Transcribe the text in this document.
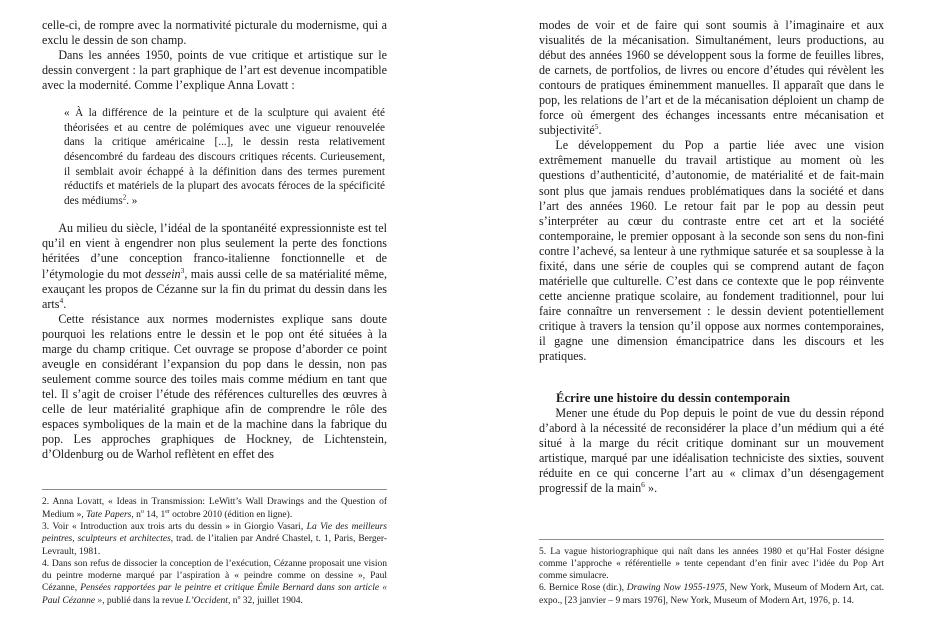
celle-ci, de rompre avec la normativité picturale du modernisme, qui a exclu le dessin de son champ.

Dans les années 1950, points de vue critique et artistique sur le dessin convergent : la part graphique de l’art est devenue incompatible avec la modernité. Comme l’explique Anna Lovatt :

« À la différence de la peinture et de la sculpture qui avaient été théorisées et au centre de polémiques avec une vigueur renouvelée dans la critique américaine [...], le dessin resta relativement désencombré du fardeau des discours critiques récents. Curieusement, il semblait avoir échappé à la définition dans des termes purement réductifs et matériels de la plupart des avocats féroces de la spécificité des médiums$^2$. »

Au milieu du siècle, l’idéal de la spontanéité expressionniste est tel qu’il en vient à engendrer non plus seulement la perte des fonctions héritées d’une conception franco-italienne fonctionnelle et de l’étymologie du mot dessein$^3$, mais aussi celle de sa matérialité même, exauçant les propos de Cézanne sur la fin du primat du dessin dans les arts$^4$.

Cette résistance aux normes modernistes explique sans doute pourquoi les relations entre le dessin et le pop ont été situées à la marge du champ critique. Cet ouvrage se propose d’aborder ce point aveugle en considérant l’expansion du pop dans le dessin, non pas seulement comme source des toiles mais comme médium en tant que tel. Il s’agit de croiser l’étude des références culturelles des œuvres à celle de leur matérialité graphique afin de comprendre le rôle des espaces symboliques de la main et de la machine dans la fabrique du pop. Les approches graphiques de Hockney, de Lichtenstein, d’Oldenburg ou de Warhol reflètent en effet des

2. Anna Lovatt, « Ideas in Transmission: LeWitt’s Wall Drawings and the Question of Medium », Tate Papers, $n^o$ 14, 1er octobre 2010 (édition en ligne).

3. Voir « Introduction aux trois arts du dessin » in Giorgio Vasari, La Vie des meilleurs peintres, sculpteurs et architectes, trad. de l’italien par André Chastel, t. 1, Paris, Berger-Levrault, 1981.

4. Dans son refus de dissocier la conception de l’exécution, Cézanne proposait une vision du peintre moderne marqué par l’aspiration à « peindre comme on dessine », Paul Cézanne, Pensées rapportées par le peintre et critique Émile Bernard dans son article « Paul Cézanne », publié dans la revue L’Occident, $n^o$ 32, juillet 1904.

modes de voir et de faire qui sont soumis à l’imaginaire et aux visualités de la mécanisation. Simultanément, leurs productions, au début des années 1960 se développent sous la forme de feuilles libres, de carnets, de portfolios, de livres ou encore d’études qui révèlent les contours de pratiques éminemment manuelles. Il apparaît que dans le pop, les relations de l’art et de la mécanisation déploient un champ de force où émergent des échanges incessants entre mécanisation et subjectivité$^5$.

Le développement du Pop a partie liée avec une vision extrêmement manuelle du travail artistique au moment où les questions d’authenticité, d’autonomie, de matérialité et de fait-main sont plus que jamais rendues problématiques dans la société et dans l’art des années 1960. Le retour fait par le pop au dessin peut s’interpréter au cœur du contraste entre cet art et la société contemporaine, le premier opposant à la seconde son sens du non-fini contre l’achevé, sa lenteur à une rythmique saturée et sa souplesse à la fixité, dans une série de couples qui se comprend autant de façon matérielle que culturelle. C’est dans ce contexte que le pop réinvente cette ancienne pratique scolaire, au fondement traditionnel, pour lui faire connaître un renversement : le dessin devient potentiellement critique à travers la tension qu’il oppose aux normes contemporaines, il gagne une dimension émancipatrice dans les discours et les pratiques.

Écrire une histoire du dessin contemporain

Mener une étude du Pop depuis le point de vue du dessin répond d’abord à la nécessité de reconsidérer la place d’un médium qui a été situé à la marge du récit critique dominant sur un mouvement artistique, marqué par une idéalisation techniciste des sixties, souvent réduite en ce qui concerne l’art au « climax d’un désengagement progressif de la main$^6$ ».

5. La vague historiographique qui naît dans les années 1980 et qu’Hal Foster désigne comme l’approche « référentielle » tente cependant d’en finir avec l’idée du Pop Art comme simulacre.

6. Bernice Rose (dir.), Drawing Now 1955-1975, New York, Museum of Modern Art, cat. expo., [23 janvier – 9 mars 1976], New York, Museum of Modern Art, 1976, p. 14.
